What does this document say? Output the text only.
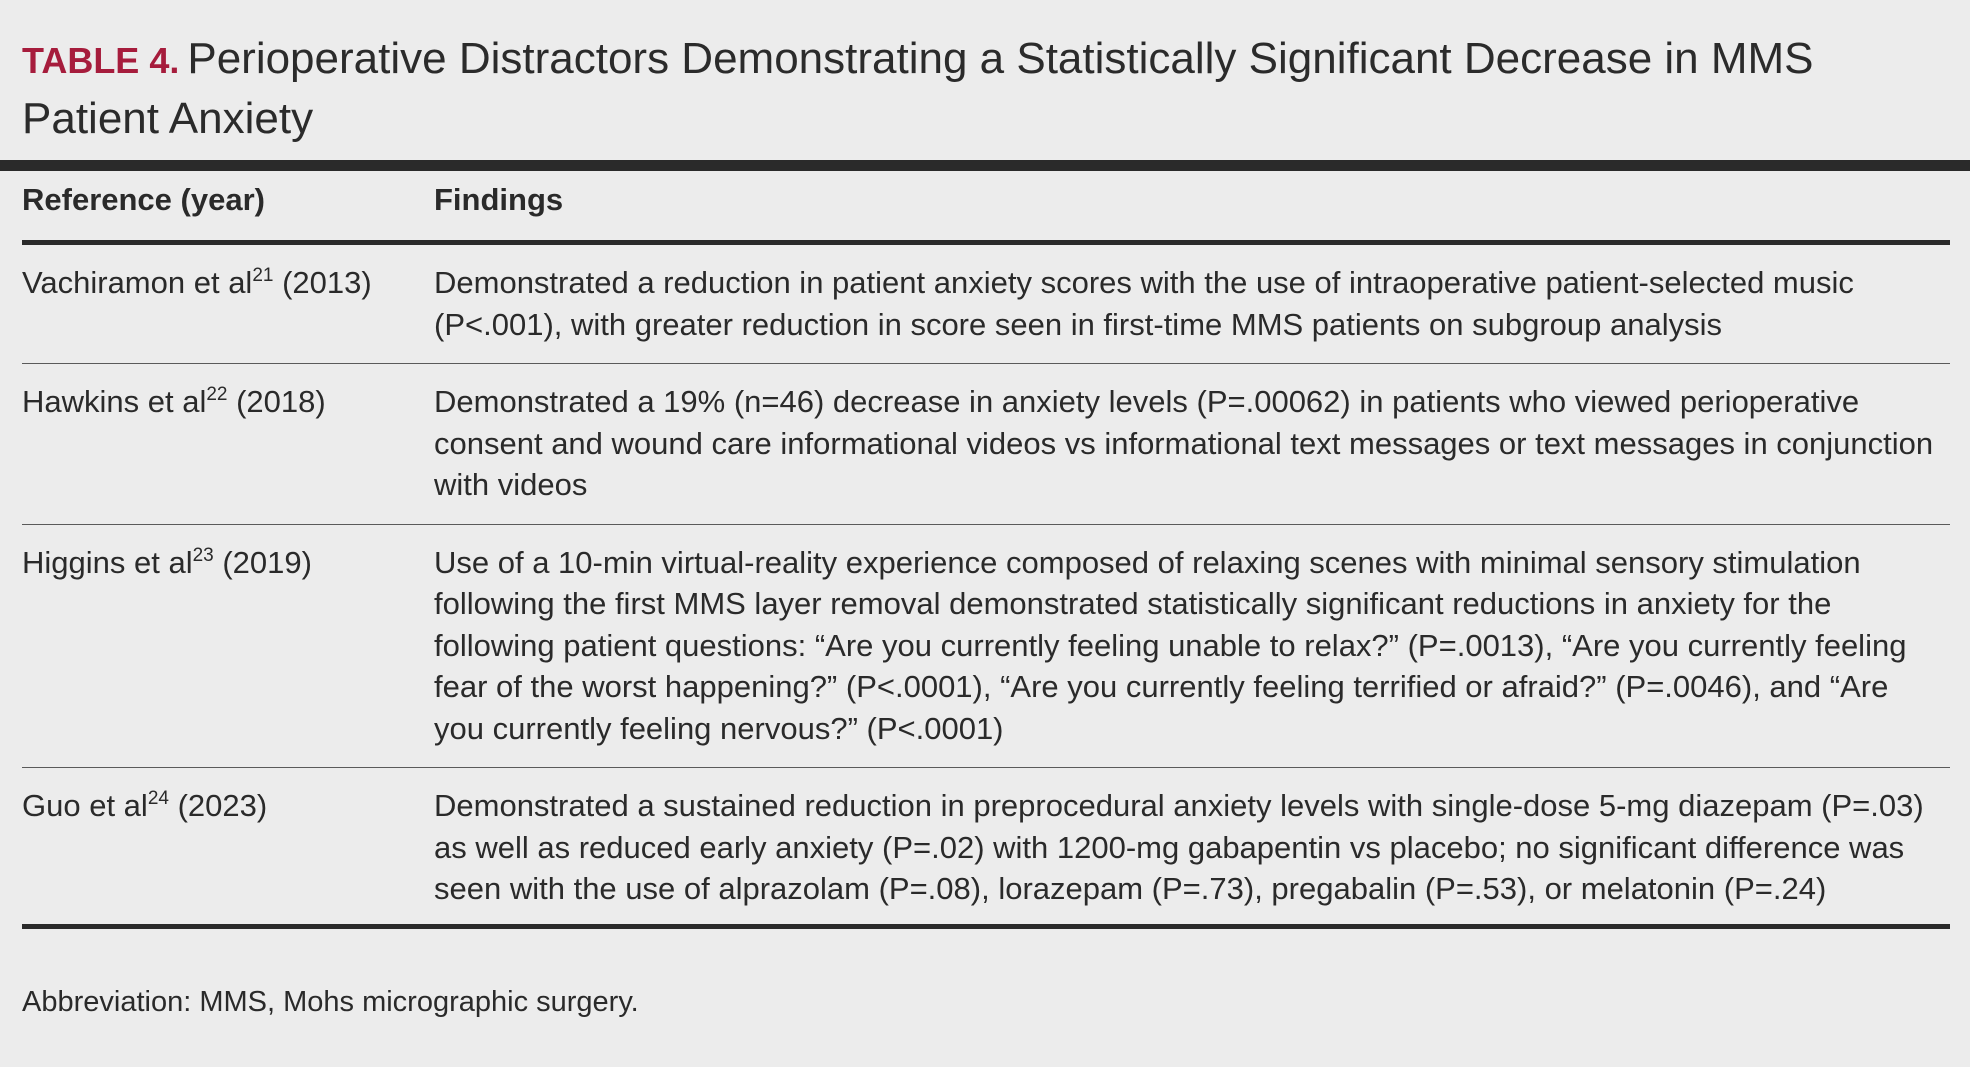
TABLE 4. Perioperative Distractors Demonstrating a Statistically Significant Decrease in MMS Patient Anxiety
Reference (year)	Findings
Vachiramon et $al^{21}$ (2013)	Demonstrated a reduction in patient anxiety scores with the use of intraoperative patient-selected music (P<.001), with greater reduction in score seen in first-time MMS patients on subgroup analysis
Hawkins et $al^{22}$ (2018)	Demonstrated a 19% (n=46) decrease in anxiety levels (P=.00062) in patients who viewed perioperative consent and wound care informational videos vs informational text messages or text messages in conjunction with videos
Higgins et $al^{23}$ (2019)	Use of a 10-min virtual-reality experience composed of relaxing scenes with minimal sensory stimulation following the first MMS layer removal demonstrated statistically significant reductions in anxiety for the following patient questions: “Are you currently feeling unable to relax?” (P=.0013), “Are you currently feeling fear of the worst happening?” (P<.0001), “Are you currently feeling terrified or afraid?” (P=.0046), and “Are you currently feeling nervous?” (P<.0001)
Guo et $al^{24}$ (2023)	Demonstrated a sustained reduction in preprocedural anxiety levels with single-dose 5-mg diazepam (P=.03) as well as reduced early anxiety (P=.02) with 1200-mg gabapentin vs placebo; no significant difference was seen with the use of alprazolam (P=.08), lorazepam (P=.73), pregabalin (P=.53), or melatonin (P=.24)
Abbreviation: MMS, Mohs micrographic surgery.
